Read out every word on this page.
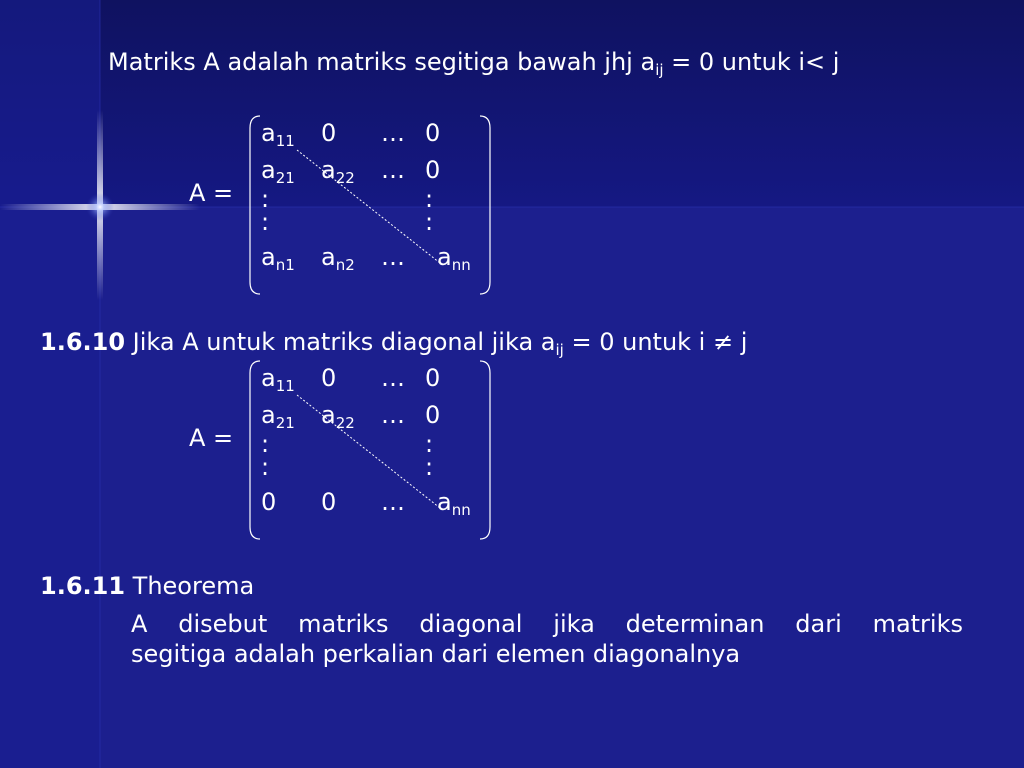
Matriks A adalah matriks segitiga bawah jhj $a_{ij} = 0$ untuk i< j
A =
$a_{11}$ 0 … 0
$a_{21}$ $a_{22}$ … 0
:	:
:	:
$a_{n1}$ $a_{n2}$ … $a_{nn}$
1.6.10 Jika A untuk matriks diagonal jika $a_{ij} = 0$ untuk i ≠ j
A =
$a_{11}$ 0 … 0
$a_{21}$ $a_{22}$ … 0
:	:
:	:
0 0 … $a_{nn}$
1.6.11 Theorema
A disebut matriks diagonal jika determinan dari matriks
segitiga adalah perkalian dari elemen diagonalnya
